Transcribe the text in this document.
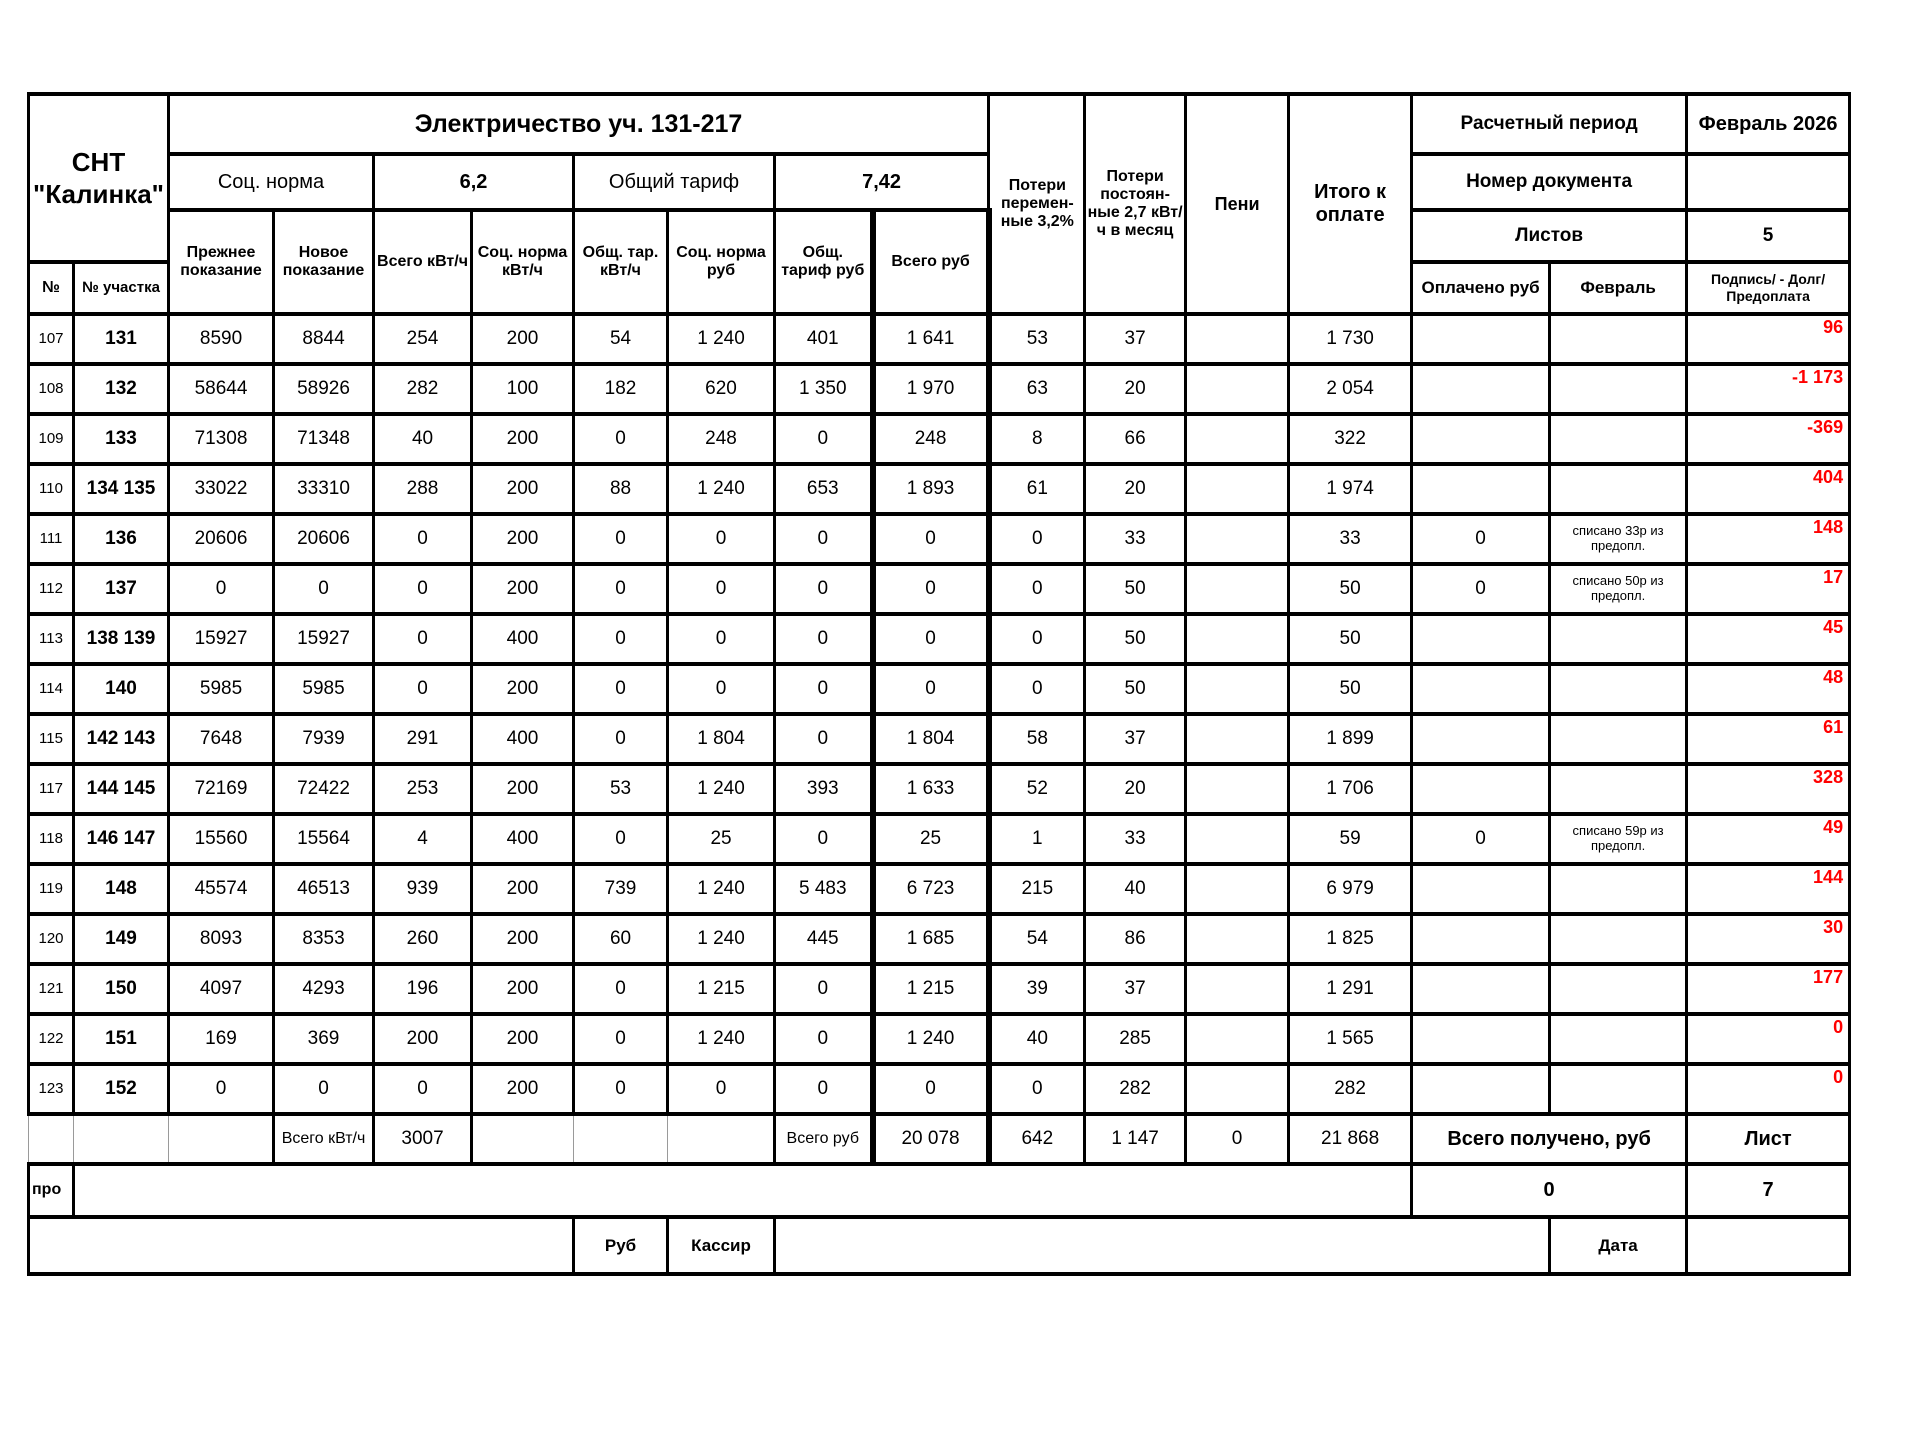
СНТ "Калинка"		Электричество уч. 131-217								Потери перемен- ные 3,2%	Потери постоян- ные 2,7 кВт/ч в месяц	Пени	Итого к оплате	Расчетный период		Февраль 2026
		Соц. норма		6,2		Общий тариф		7,42						Номер документа		
		Прежнее показание	Новое показание	Всего кВт/ч	Соц. норма кВт/ч	Общ. тар. кВт/ч	Соц. норма руб	Общ. тариф руб	Всего руб					Листов		5
№	№ участка													Оплачено руб	Февраль	Подпись/ - Долг/Предоплата
107	131	8590	8844	254	200	54	1 240	401	1 641	53	37		1 730			96
108	132	58644	58926	282	100	182	620	1 350	1 970	63	20		2 054			-1 173
109	133	71308	71348	40	200	0	248	0	248	8	66		322			-369
110	134 135	33022	33310	288	200	88	1 240	653	1 893	61	20		1 974			404
111	136	20606	20606	0	200	0	0	0	0	0	33		33	0	списано 33р из предопл.	148
112	137	0	0	0	200	0	0	0	0	0	50		50	0	списано 50р из предопл.	17
113	138 139	15927	15927	0	400	0	0	0	0	0	50		50			45
114	140	5985	5985	0	200	0	0	0	0	0	50		50			48
115	142 143	7648	7939	291	400	0	1 804	0	1 804	58	37		1 899			61
117	144 145	72169	72422	253	200	53	1 240	393	1 633	52	20		1 706			328
118	146 147	15560	15564	4	400	0	25	0	25	1	33		59	0	списано 59р из предопл.	49
119	148	45574	46513	939	200	739	1 240	5 483	6 723	215	40		6 979			144
120	149	8093	8353	260	200	60	1 240	445	1 685	54	86		1 825			30
121	150	4097	4293	196	200	0	1 215	0	1 215	39	37		1 291			177
122	151	169	369	200	200	0	1 240	0	1 240	40	285		1 565			0
123	152	0	0	0	200	0	0	0	0	0	282		282			0
			Всего кВт/ч	3007				Всего руб	20 078	642	1 147	0	21 868	Всего получено, руб		Лист
про														0		7
						Руб	Кассир								Дата	
